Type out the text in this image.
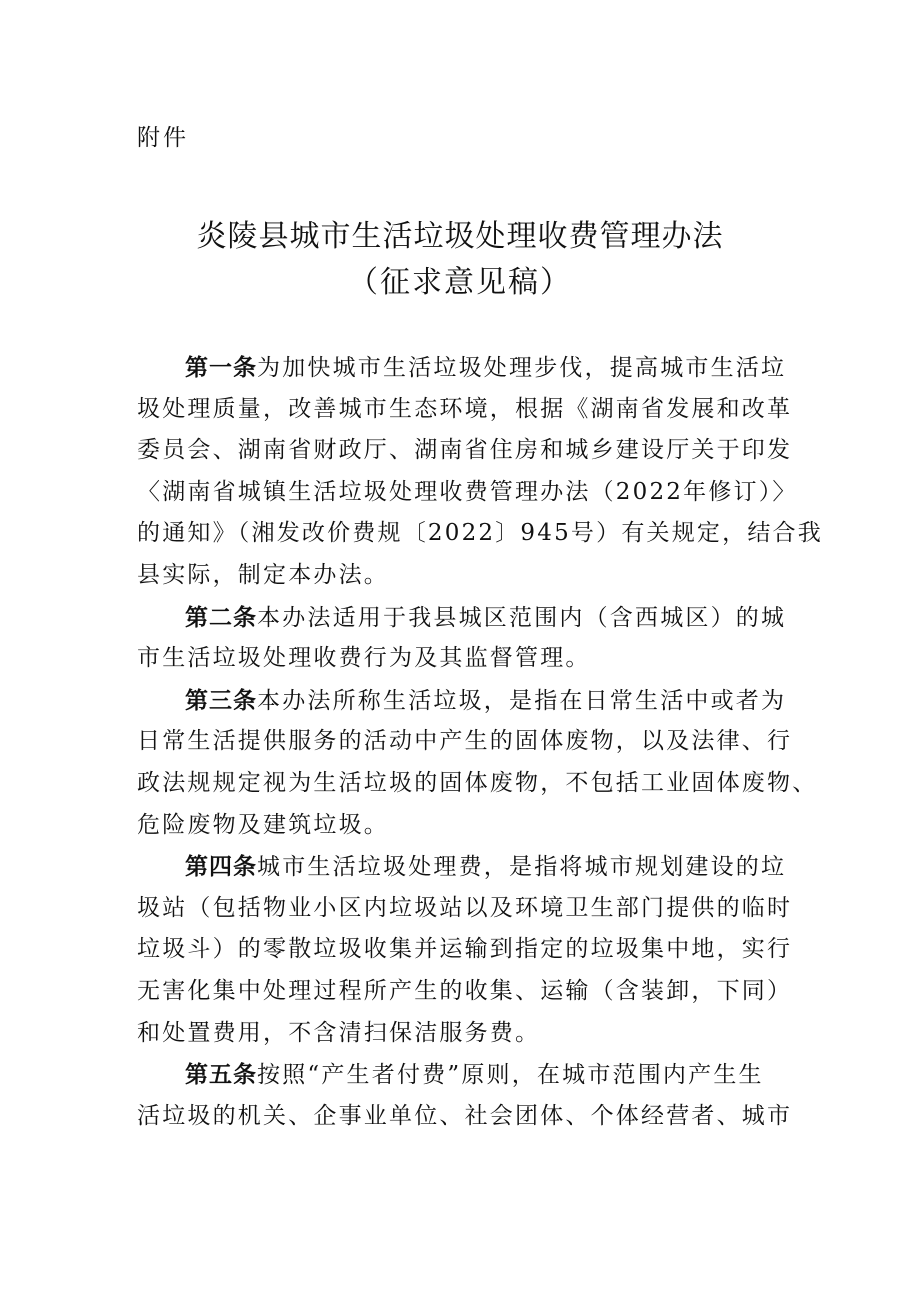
附件
炎陵县城市生活垃圾处理收费管理办法
（征求意见稿）
第一条为加快城市生活垃圾处理步伐，提高城市生活垃
圾处理质量，改善城市生态环境，根据《湖南省发展和改革
委员会、湖南省财政厅、湖南省住房和城乡建设厅关于印发
〈湖南省城镇生活垃圾处理收费管理办法（2022年修订）〉
的通知》（湘发改价费规〔2022〕945号）有关规定，结合我
县实际，制定本办法。
第二条本办法适用于我县城区范围内（含西城区）的城
市生活垃圾处理收费行为及其监督管理。
第三条本办法所称生活垃圾，是指在日常生活中或者为
日常生活提供服务的活动中产生的固体废物，以及法律、行
政法规规定视为生活垃圾的固体废物，不包括工业固体废物、
危险废物及建筑垃圾。
第四条城市生活垃圾处理费，是指将城市规划建设的垃
圾站（包括物业小区内垃圾站以及环境卫生部门提供的临时
垃圾斗）的零散垃圾收集并运输到指定的垃圾集中地，实行
无害化集中处理过程所产生的收集、运输（含装卸，下同）
和处置费用，不含清扫保洁服务费。
第五条按照“产生者付费”原则，在城市范围内产生生
活垃圾的机关、企事业单位、社会团体、个体经营者、城市
